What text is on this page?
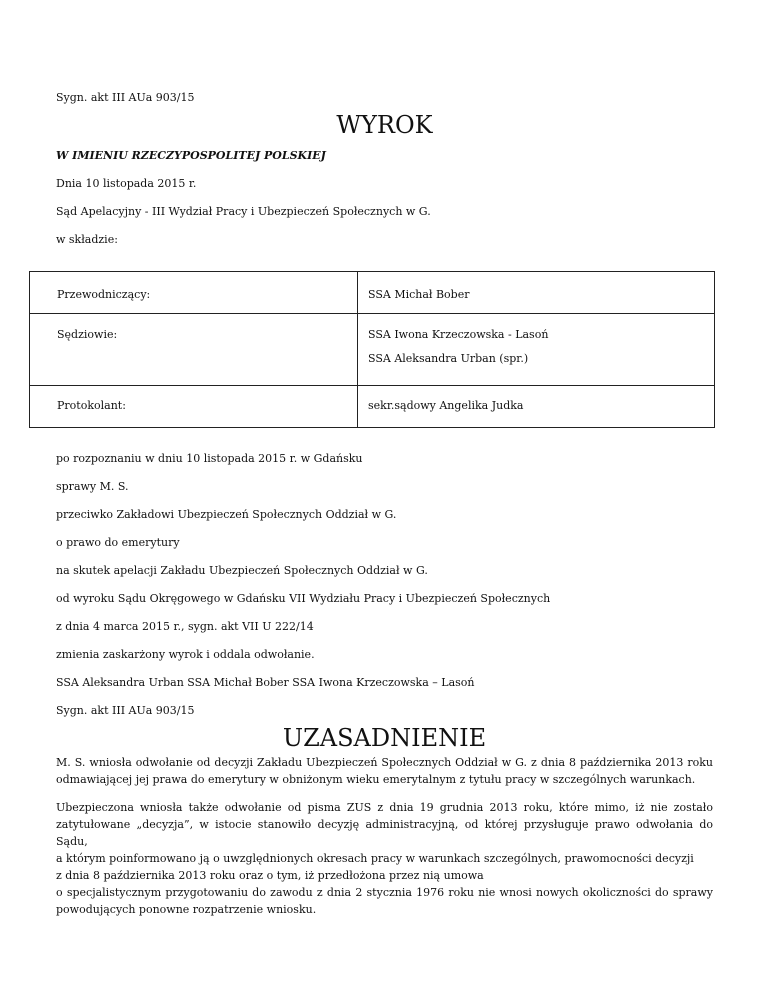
Sygn. akt III AUa 903/15

WYROK

W IMIENIU RZECZYPOSPOLITEJ POLSKIEJ

Dnia 10 listopada 2015 r.

Sąd Apelacyjny - III Wydział Pracy i Ubezpieczeń Społecznych w G.

w składzie:

Przewodniczący:	SSA Michał Bober

Sędziowie:	SSA Iwona Krzeczowska - Lasoń
SSA Aleksandra Urban (spr.)

Protokolant:	sekr.sądowy Angelika Judka

po rozpoznaniu w dniu 10 listopada 2015 r. w Gdańsku

sprawy M. S.

przeciwko Zakładowi Ubezpieczeń Społecznych Oddział w G.

o prawo do emerytury

na skutek apelacji Zakładu Ubezpieczeń Społecznych Oddział w G.

od wyroku Sądu Okręgowego w Gdańsku VII Wydziału Pracy i Ubezpieczeń Społecznych

z dnia 4 marca 2015 r., sygn. akt VII U 222/14

zmienia zaskarżony wyrok i oddala odwołanie.

SSA Aleksandra Urban SSA Michał Bober SSA Iwona Krzeczowska – Lasoń

Sygn. akt III AUa 903/15

UZASADNIENIE
M. S. wniosła odwołanie od decyzji Zakładu Ubezpieczeń Społecznych Oddział w G. z dnia 8 października 2013 roku
odmawiającej jej prawa do emerytury w obniżonym wieku emerytalnym z tytułu pracy w szczególnych warunkach.
Ubezpieczona wniosła także odwołanie od pisma ZUS z dnia 19 grudnia 2013 roku, które mimo, iż nie zostało
zatytułowane „decyzja”, w istocie stanowiło decyzję administracyjną, od której przysługuje prawo odwołania do Sądu,
a którym poinformowano ją o uwzględnionych okresach pracy w warunkach szczególnych, prawomocności decyzji
z dnia 8 października 2013 roku oraz o tym, iż przedłożona przez nią umowa
o specjalistycznym przygotowaniu do zawodu z dnia 2 stycznia 1976 roku nie wnosi nowych okoliczności do sprawy
powodujących ponowne rozpatrzenie wniosku.
